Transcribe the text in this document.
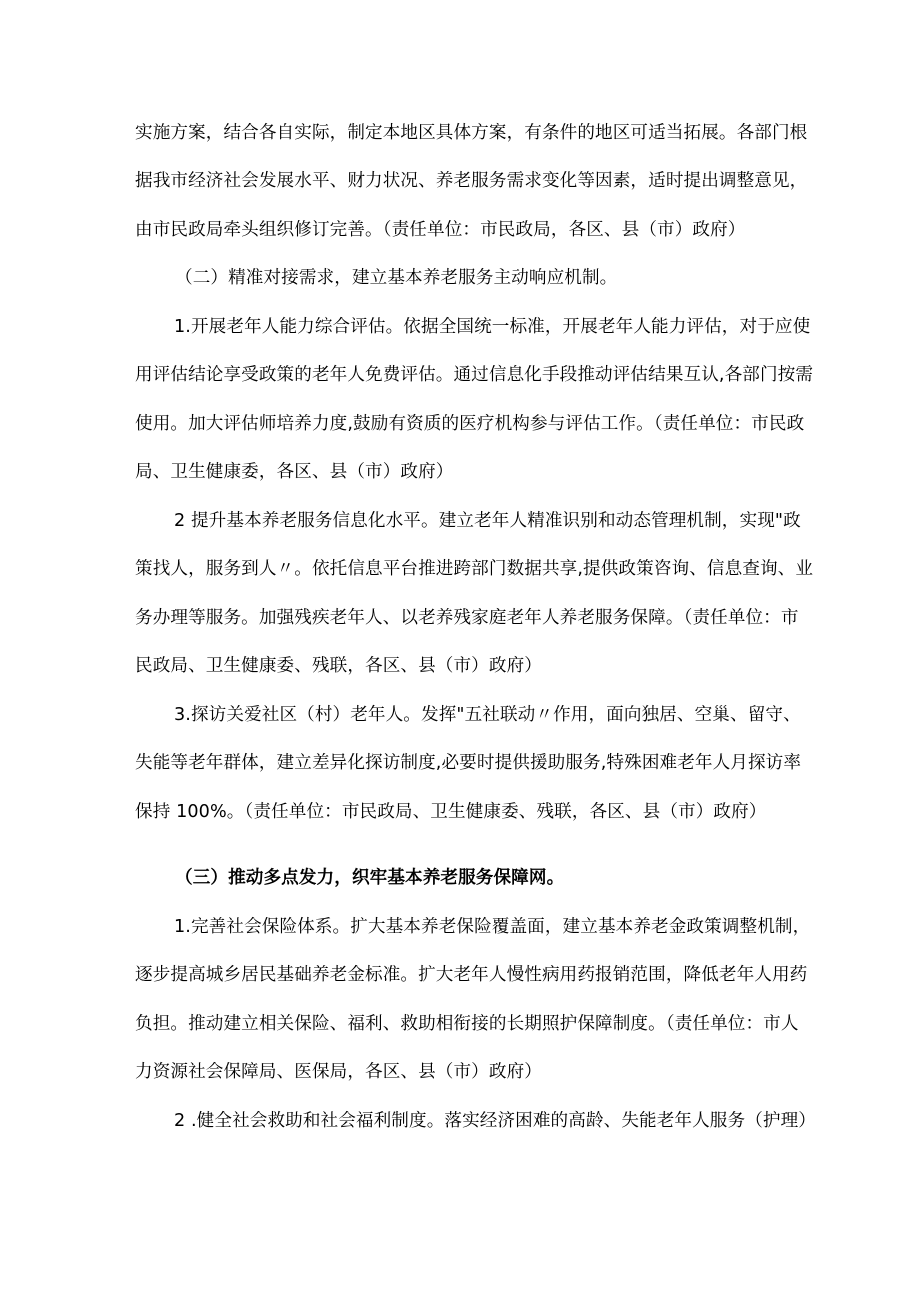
实施方案，结合各自实际，制定本地区具体方案，有条件的地区可适当拓展。各部门根
据我市经济社会发展水平、财力状况、养老服务需求变化等因素，适时提出调整意见，
由市民政局牵头组织修订完善。（责任单位：市民政局，各区、县（市）政府）
（二）精准对接需求，建立基本养老服务主动响应机制。
1.开展老年人能力综合评估。依据全国统一标准，开展老年人能力评估，对于应使
用评估结论享受政策的老年人免费评估。通过信息化手段推动评估结果互认,各部门按需
使用。加大评估师培养力度,鼓励有资质的医疗机构参与评估工作。（责任单位：市民政
局、卫生健康委，各区、县（市）政府）
2 提升基本养老服务信息化水平。建立老年人精准识别和动态管理机制，实现"政
策找人，服务到人〃。依托信息平台推进跨部门数据共享,提供政策咨询、信息查询、业
务办理等服务。加强残疾老年人、以老养残家庭老年人养老服务保障。（责任单位：市
民政局、卫生健康委、残联，各区、县（市）政府）
3.探访关爱社区（村）老年人。发挥"五社联动〃作用，面向独居、空巢、留守、
失能等老年群体，建立差异化探访制度,必要时提供援助服务,特殊困难老年人月探访率
保持 100%。（责任单位：市民政局、卫生健康委、残联，各区、县（市）政府）
（三）推动多点发力，织牢基本养老服务保障网。
1.完善社会保险体系。扩大基本养老保险覆盖面，建立基本养老金政策调整机制，
逐步提高城乡居民基础养老金标准。扩大老年人慢性病用药报销范围，降低老年人用药
负担。推动建立相关保险、福利、救助相衔接的长期照护保障制度。（责任单位：市人
力资源社会保障局、医保局，各区、县（市）政府）
2 .健全社会救助和社会福利制度。落实经济困难的高龄、失能老年人服务（护理）
